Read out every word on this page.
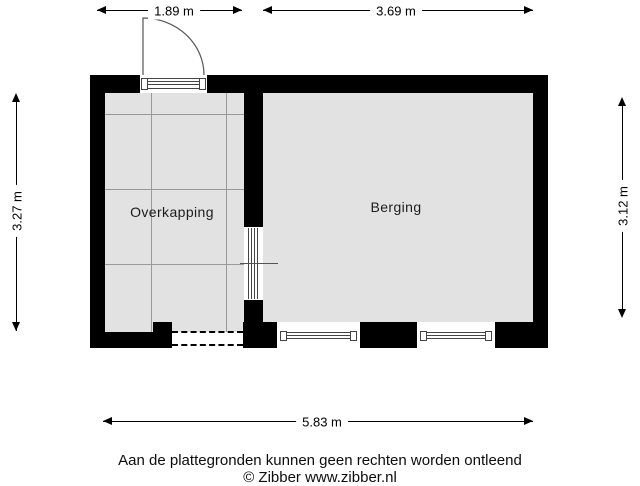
Overkapping	Berging
1.89 m	3.69 m
3.27 m	3.12 m
5.83 m
Aan de plattegronden kunnen geen rechten worden ontleend
© Zibber www.zibber.nl
